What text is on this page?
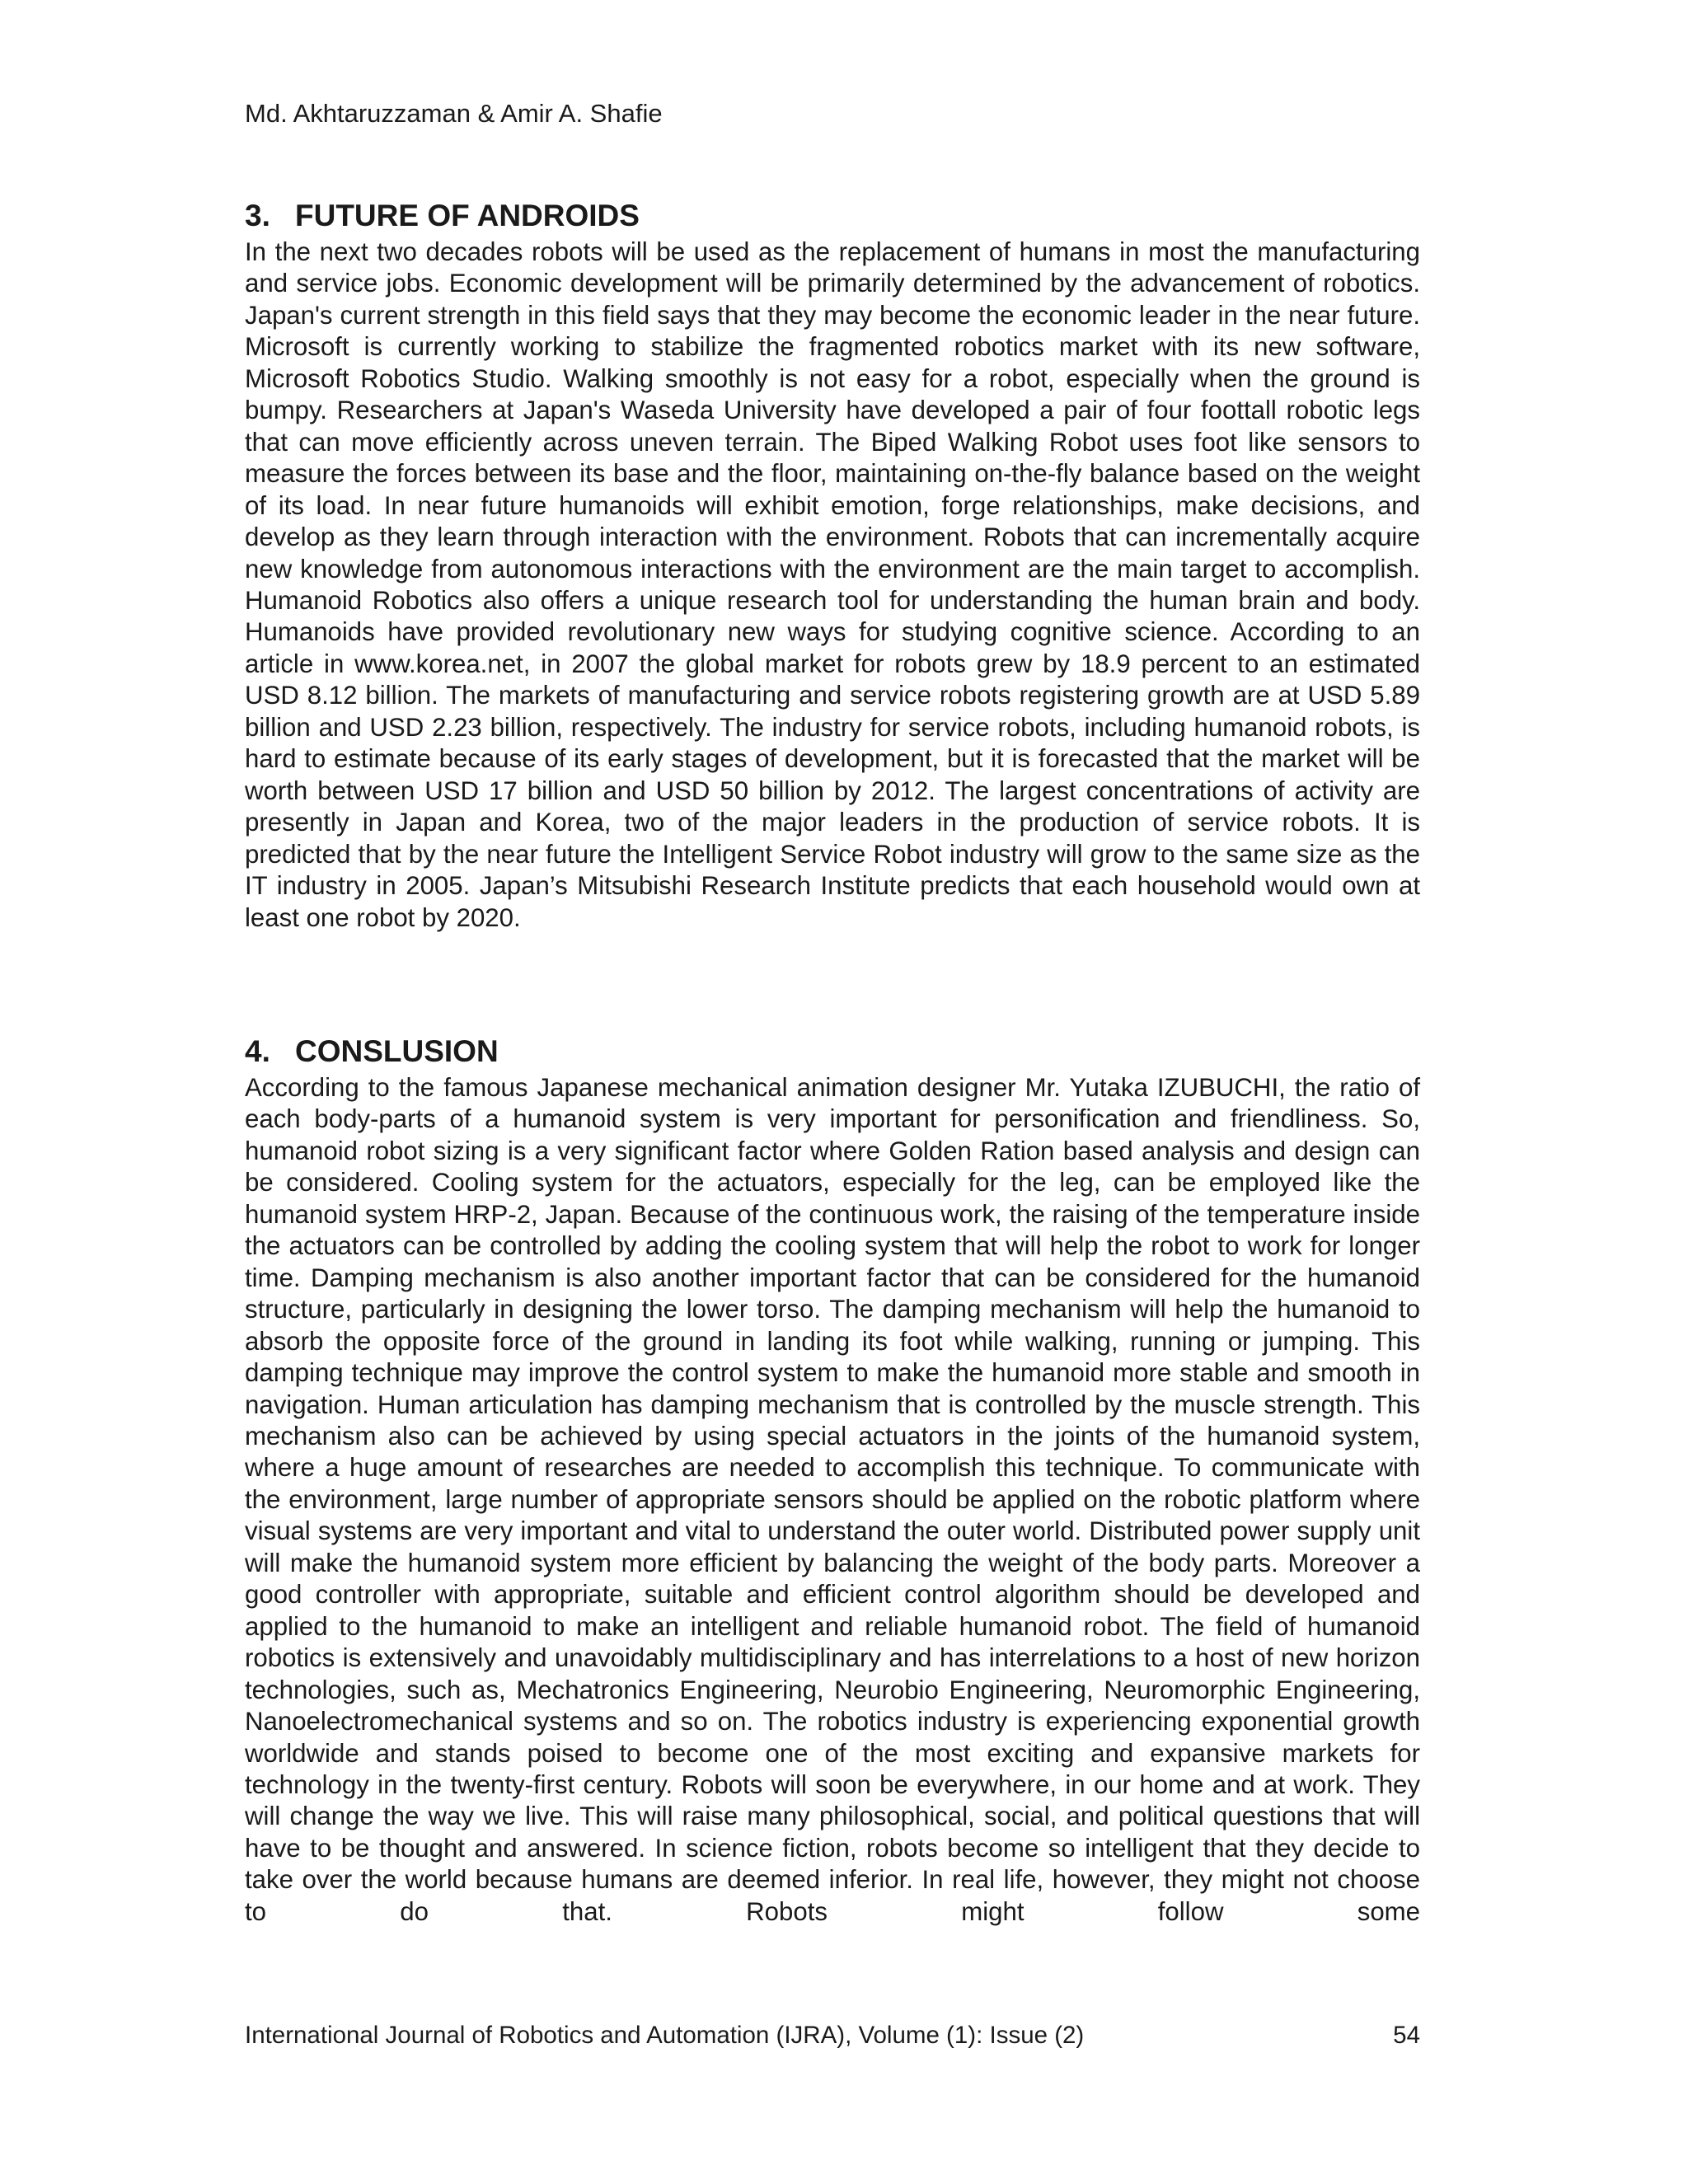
Md. Akhtaruzzaman & Amir A. Shafie
3. FUTURE OF ANDROIDS

In the next two decades robots will be used as the replacement of humans in most the manufacturing and service jobs. Economic development will be primarily determined by the advancement of robotics. Japan's current strength in this field says that they may become the economic leader in the near future. Microsoft is currently working to stabilize the fragmented robotics market with its new software, Microsoft Robotics Studio. Walking smoothly is not easy for a robot, especially when the ground is bumpy. Researchers at Japan's Waseda University have developed a pair of four foottall robotic legs that can move efficiently across uneven terrain. The Biped Walking Robot uses foot like sensors to measure the forces between its base and the floor, maintaining on-the-fly balance based on the weight of its load. In near future humanoids will exhibit emotion, forge relationships, make decisions, and develop as they learn through interaction with the environment. Robots that can incrementally acquire new knowledge from autonomous interactions with the environment are the main target to accomplish. Humanoid Robotics also offers a unique research tool for understanding the human brain and body. Humanoids have provided revolutionary new ways for studying cognitive science. According to an article in www.korea.net, in 2007 the global market for robots grew by 18.9 percent to an estimated USD 8.12 billion. The markets of manufacturing and service robots registering growth are at USD 5.89 billion and USD 2.23 billion, respectively. The industry for service robots, including humanoid robots, is hard to estimate because of its early stages of development, but it is forecasted that the market will be worth between USD 17 billion and USD 50 billion by 2012. The largest concentrations of activity are presently in Japan and Korea, two of the major leaders in the production of service robots. It is predicted that by the near future the Intelligent Service Robot industry will grow to the same size as the IT industry in 2005. Japan’s Mitsubishi Research Institute predicts that each household would own at least one robot by 2020.

4. CONSLUSION

According to the famous Japanese mechanical animation designer Mr. Yutaka IZUBUCHI, the ratio of each body-parts of a humanoid system is very important for personification and friendliness. So, humanoid robot sizing is a very significant factor where Golden Ration based analysis and design can be considered. Cooling system for the actuators, especially for the leg, can be employed like the humanoid system HRP-2, Japan. Because of the continuous work, the raising of the temperature inside the actuators can be controlled by adding the cooling system that will help the robot to work for longer time. Damping mechanism is also another important factor that can be considered for the humanoid structure, particularly in designing the lower torso. The damping mechanism will help the humanoid to absorb the opposite force of the ground in landing its foot while walking, running or jumping. This damping technique may improve the control system to make the humanoid more stable and smooth in navigation. Human articulation has damping mechanism that is controlled by the muscle strength. This mechanism also can be achieved by using special actuators in the joints of the humanoid system, where a huge amount of researches are needed to accomplish this technique. To communicate with the environment, large number of appropriate sensors should be applied on the robotic platform where visual systems are very important and vital to understand the outer world. Distributed power supply unit will make the humanoid system more efficient by balancing the weight of the body parts. Moreover a good controller with appropriate, suitable and efficient control algorithm should be developed and applied to the humanoid to make an intelligent and reliable humanoid robot. The field of humanoid robotics is extensively and unavoidably multidisciplinary and has interrelations to a host of new horizon technologies, such as, Mechatronics Engineering, Neurobio Engineering, Neuromorphic Engineering, Nanoelectromechanical systems and so on. The robotics industry is experiencing exponential growth worldwide and stands poised to become one of the most exciting and expansive markets for technology in the twenty-first century. Robots will soon be everywhere, in our home and at work. They will change the way we live. This will raise many philosophical, social, and political questions that will have to be thought and answered. In science fiction, robots become so intelligent that they decide to take over the world because humans are deemed inferior. In real life, however, they might not choose to do that. Robots might follow some

International Journal of Robotics and Automation (IJRA), Volume (1): Issue (2)	54
